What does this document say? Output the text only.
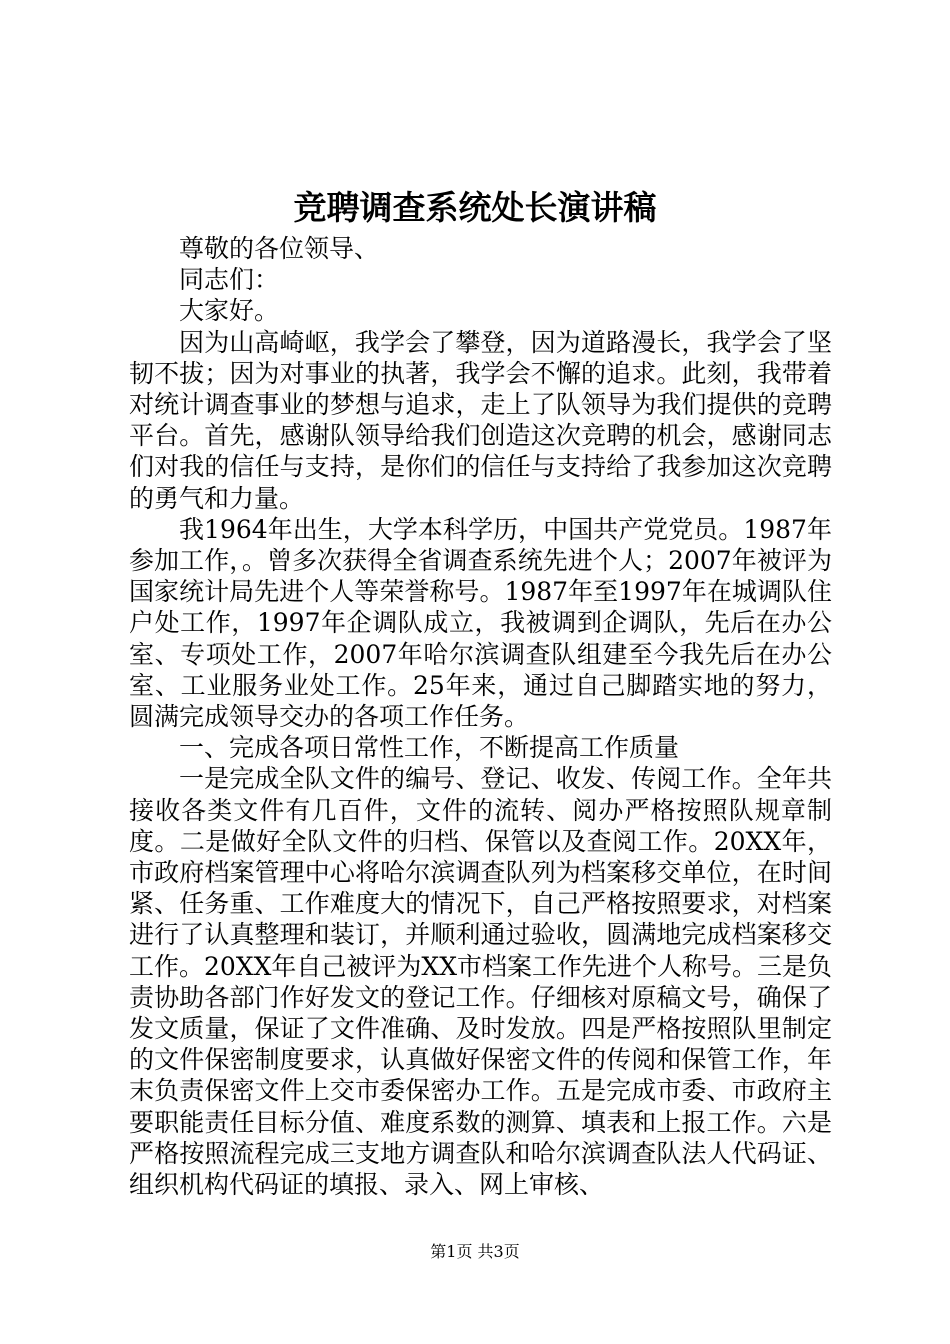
竞聘调查系统处长演讲稿

尊敬的各位领导、

同志们：

大家好。

因为山高崎岖，我学会了攀登，因为道路漫长，我学会了坚韧不拔；因为对事业的执著，我学会不懈的追求。此刻，我带着对统计调查事业的梦想与追求，走上了队领导为我们提供的竞聘平台。首先，感谢队领导给我们创造这次竞聘的机会，感谢同志们对我的信任与支持，是你们的信任与支持给了我参加这次竞聘的勇气和力量。

我1964年出生，大学本科学历，中国共产党党员。1987年参加工作，。曾多次获得全省调查系统先进个人；2007年被评为国家统计局先进个人等荣誉称号。1987年至1997年在城调队住户处工作，1997年企调队成立，我被调到企调队，先后在办公室、专项处工作，2007年哈尔滨调查队组建至今我先后在办公室、工业服务业处工作。25年来，通过自己脚踏实地的努力，圆满完成领导交办的各项工作任务。

一、完成各项日常性工作，不断提高工作质量

一是完成全队文件的编号、登记、收发、传阅工作。全年共接收各类文件有几百件，文件的流转、阅办严格按照队规章制度。二是做好全队文件的归档、保管以及查阅工作。20XX年，市政府档案管理中心将哈尔滨调查队列为档案移交单位，在时间紧、任务重、工作难度大的情况下，自己严格按照要求，对档案进行了认真整理和装订，并顺利通过验收，圆满地完成档案移交工作。20XX年自己被评为XX市档案工作先进个人称号。三是负责协助各部门作好发文的登记工作。仔细核对原稿文号，确保了发文质量，保证了文件准确、及时发放。四是严格按照队里制定的文件保密制度要求，认真做好保密文件的传阅和保管工作，年末负责保密文件上交市委保密办工作。五是完成市委、市政府主要职能责任目标分值、难度系数的测算、填表和上报工作。六是严格按照流程完成三支地方调查队和哈尔滨调查队法人代码证、组织机构代码证的填报、录入、网上审核、

第1页 共3页
